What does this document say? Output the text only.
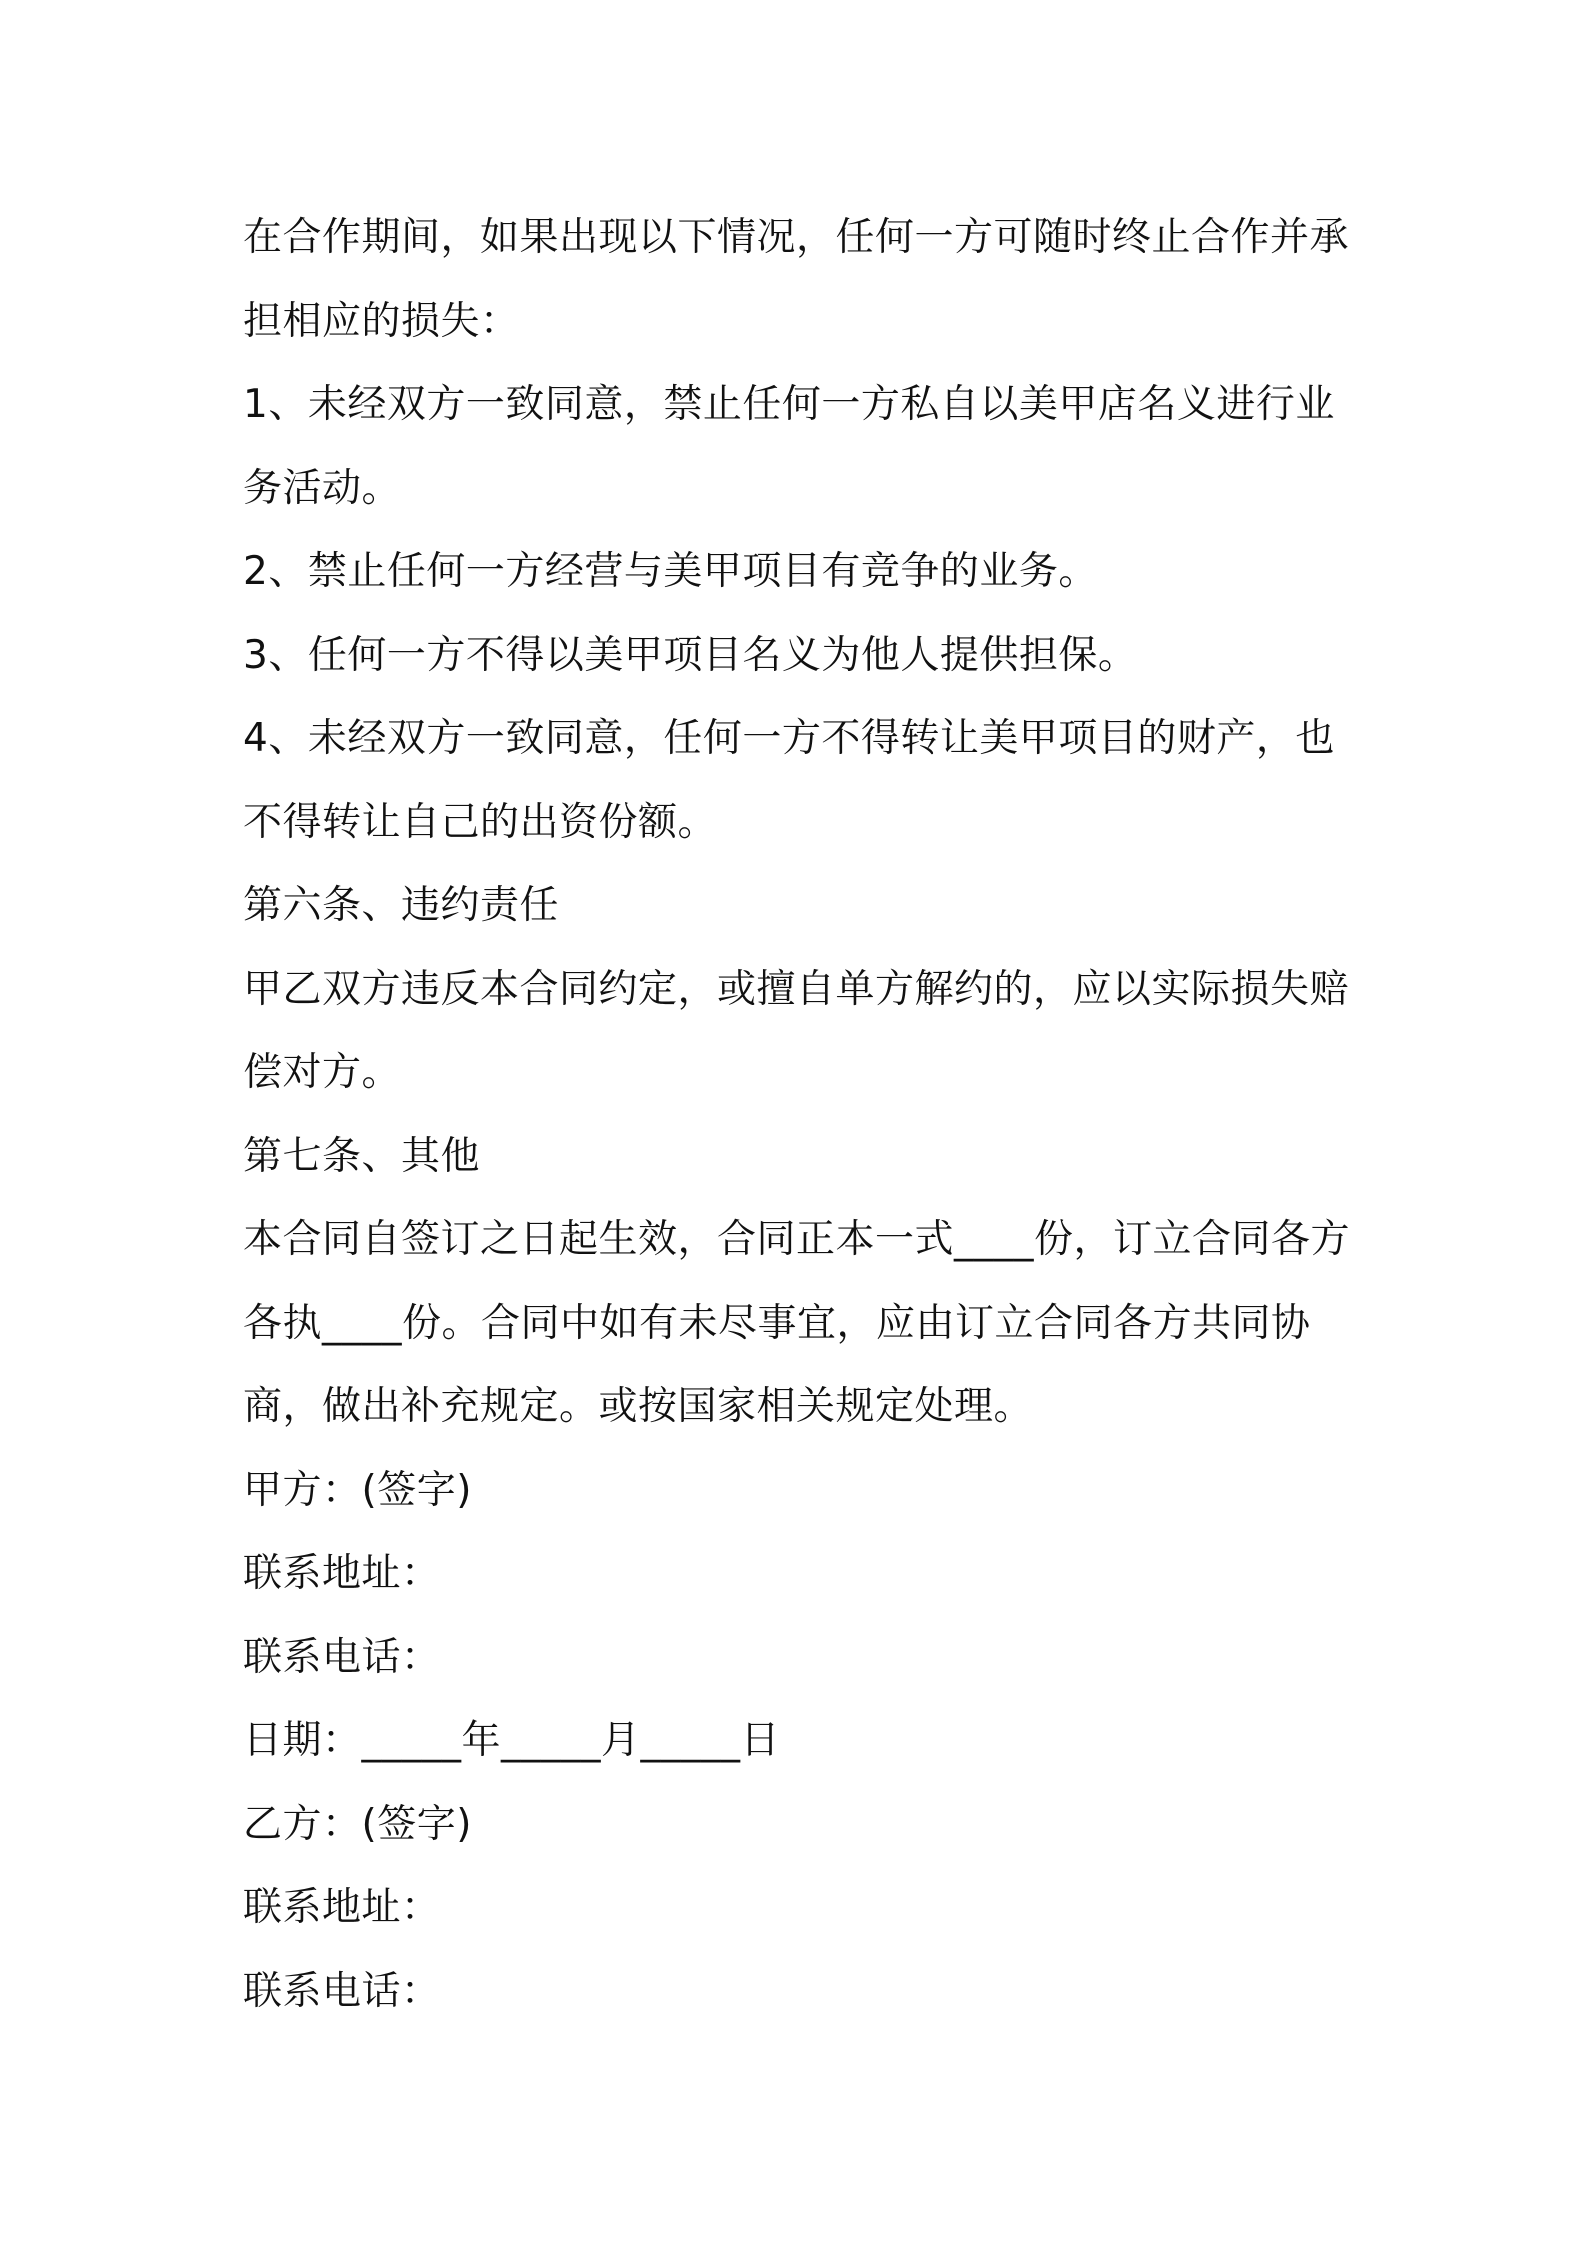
在合作期间，如果出现以下情况，任何一方可随时终止合作并承担相应的损失：

1、未经双方一致同意，禁止任何一方私自以美甲店名义进行业务活动。

2、禁止任何一方经营与美甲项目有竞争的业务。

3、任何一方不得以美甲项目名义为他人提供担保。

4、未经双方一致同意，任何一方不得转让美甲项目的财产，也不得转让自己的出资份额。

第六条、违约责任

甲乙双方违反本合同约定，或擅自单方解约的，应以实际损失赔偿对方。

第七条、其他

本合同自签订之日起生效，合同正本一式____份，订立合同各方各执____份。合同中如有未尽事宜，应由订立合同各方共同协商，做出补充规定。或按国家相关规定处理。

甲方：(签字)

联系地址：

联系电话：

日期：_____年_____月_____日

乙方：(签字)

联系地址：

联系电话：
